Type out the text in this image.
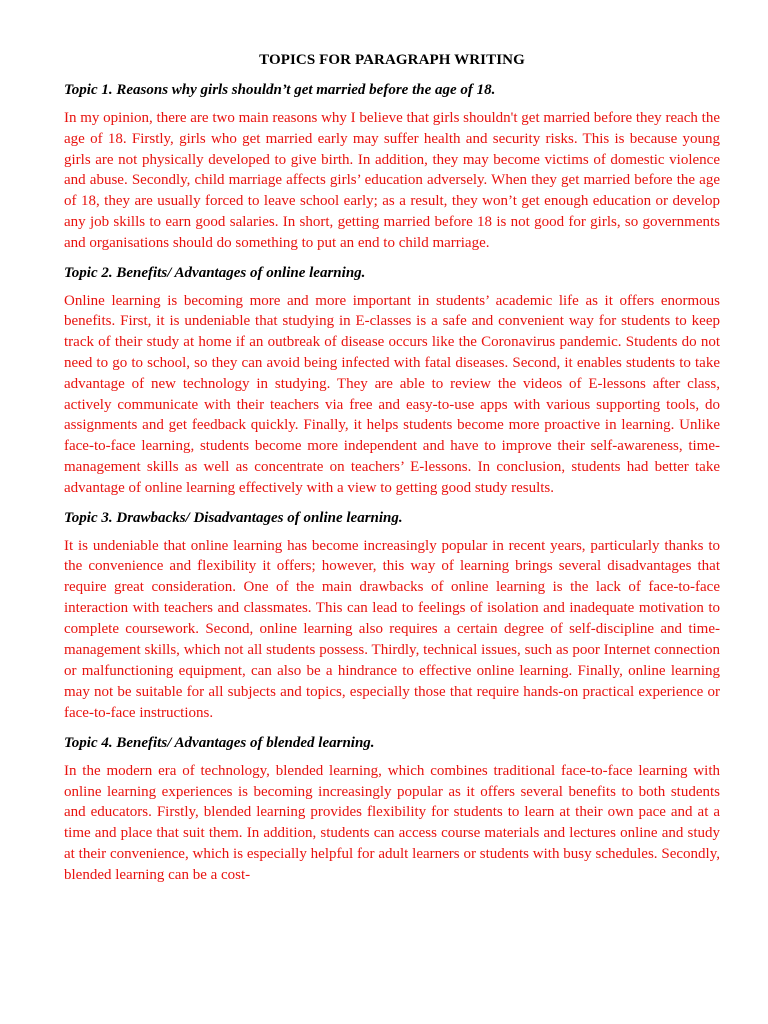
TOPICS FOR PARAGRAPH WRITING
Topic 1. Reasons why girls shouldn’t get married before the age of 18.

In my opinion, there are two main reasons why I believe that girls shouldn't get married before they reach the age of 18. Firstly, girls who get married early may suffer health and security risks. This is because young girls are not physically developed to give birth. In addition, they may become victims of domestic violence and abuse. Secondly, child marriage affects girls’ education adversely. When they get married before the age of 18, they are usually forced to leave school early; as a result, they won’t get enough education or develop any job skills to earn good salaries. In short, getting married before 18 is not good for girls, so governments and organisations should do something to put an end to child marriage.

Topic 2. Benefits/ Advantages of online learning.

Online learning is becoming more and more important in students’ academic life as it offers enormous benefits. First, it is undeniable that studying in E-classes is a safe and convenient way for students to keep track of their study at home if an outbreak of disease occurs like the Coronavirus pandemic. Students do not need to go to school, so they can avoid being infected with fatal diseases. Second, it enables students to take advantage of new technology in studying. They are able to review the videos of E-lessons after class, actively communicate with their teachers via free and easy-to-use apps with various supporting tools, do assignments and get feedback quickly. Finally, it helps students become more proactive in learning. Unlike face-to-face learning, students become more independent and have to improve their self-awareness, time-management skills as well as concentrate on teachers’ E-lessons. In conclusion, students had better take advantage of online learning effectively with a view to getting good study results.

Topic 3. Drawbacks/ Disadvantages of online learning.

It is undeniable that online learning has become increasingly popular in recent years, particularly thanks to the convenience and flexibility it offers; however, this way of learning brings several disadvantages that require great consideration. One of the main drawbacks of online learning is the lack of face-to-face interaction with teachers and classmates. This can lead to feelings of isolation and inadequate motivation to complete coursework. Second, online learning also requires a certain degree of self-discipline and time-management skills, which not all students possess. Thirdly, technical issues, such as poor Internet connection or malfunctioning equipment, can also be a hindrance to effective online learning. Finally, online learning may not be suitable for all subjects and topics, especially those that require hands-on practical experience or face-to-face instructions.

Topic 4. Benefits/ Advantages of blended learning.

In the modern era of technology, blended learning, which combines traditional face-to-face learning with online learning experiences is becoming increasingly popular as it offers several benefits to both students and educators. Firstly, blended learning provides flexibility for students to learn at their own pace and at a time and place that suit them. In addition, students can access course materials and lectures online and study at their convenience, which is especially helpful for adult learners or students with busy schedules. Secondly, blended learning can be a cost-
